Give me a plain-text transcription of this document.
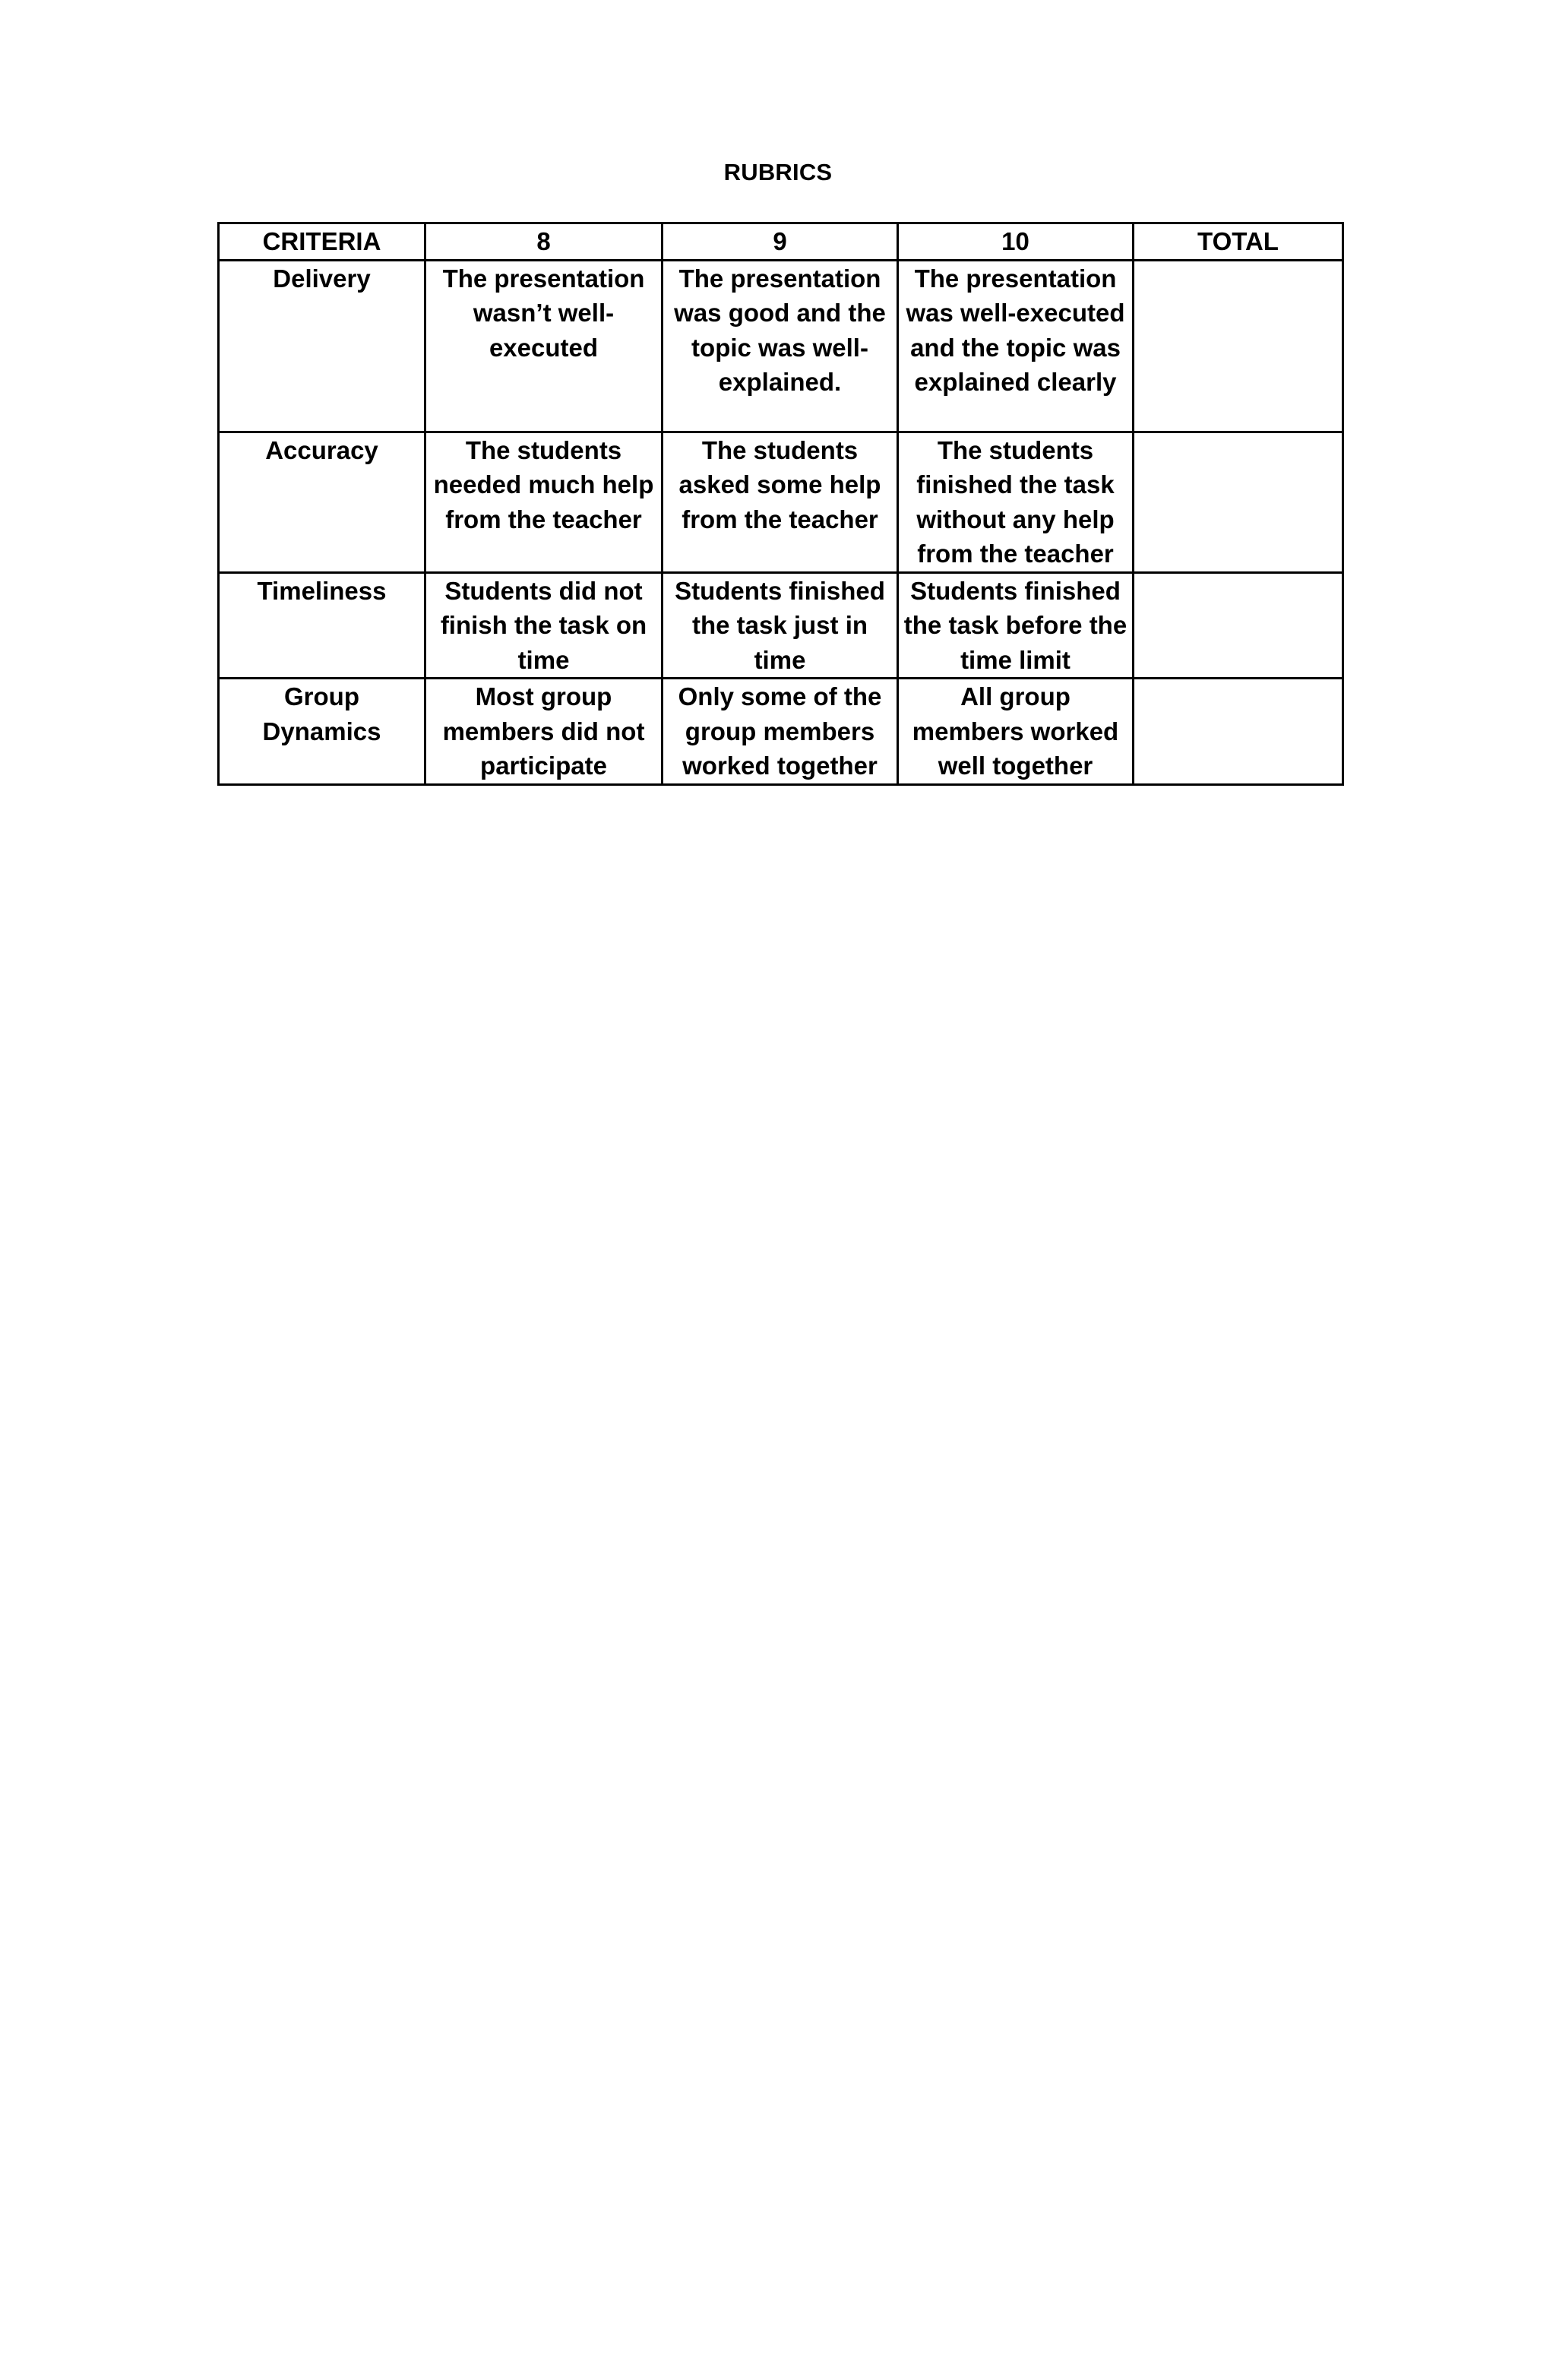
RUBRICS
CRITERIA	8	9	10	TOTAL
Delivery	The presentation wasn’t well-executed	The presentation was good and the topic was well-explained.	The presentation was well-executed and the topic was explained clearly	
Accuracy	The students needed much help from the teacher	The students asked some help from the teacher	The students finished the task without any help from the teacher	
Timeliness	Students did not finish the task on time	Students finished the task just in time	Students finished the task before the time limit	
Group Dynamics	Most group members did not participate	Only some of the group members worked together	All group members worked well together	
